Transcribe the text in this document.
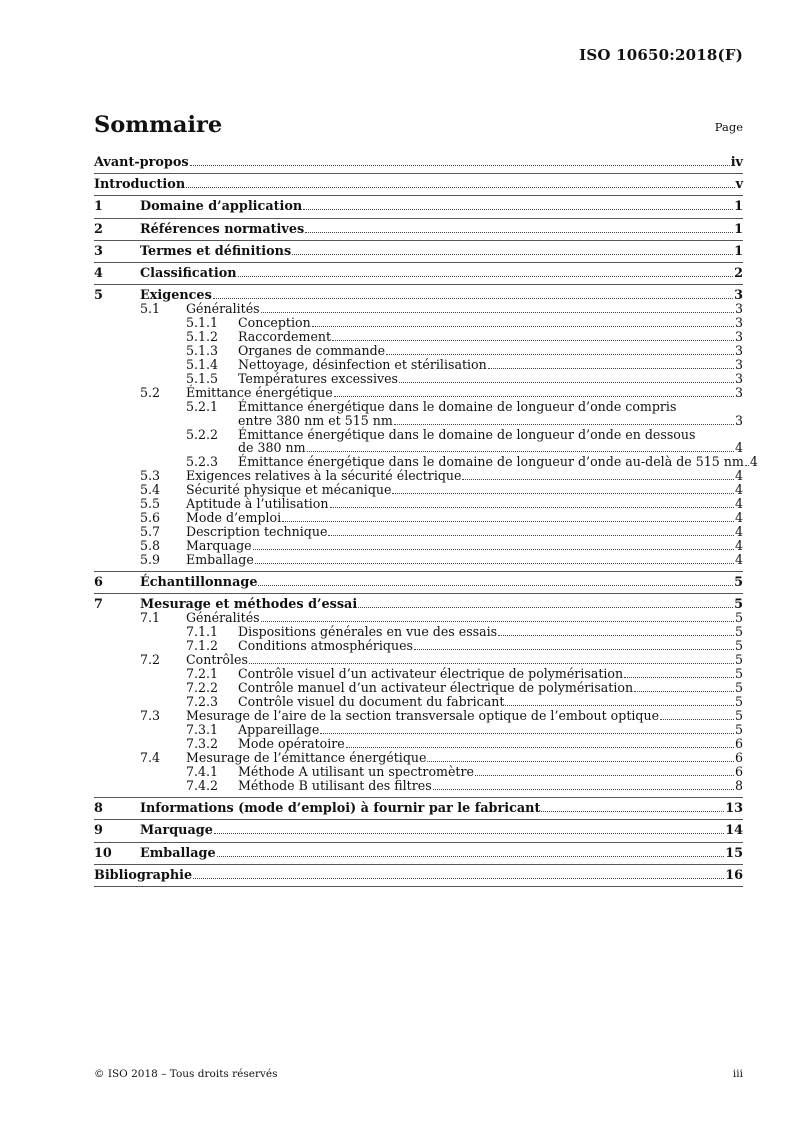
ISO 10650:2018(F)
Sommaire	Page
Avant-propos	iv
Introduction	v
1	Domaine d’application	1
2	Références normatives	1
3	Termes et définitions	1
4	Classification	2
5	Exigences	3
5.1	Généralités	3
5.1.1	Conception	3
5.1.2	Raccordement	3
5.1.3	Organes de commande	3
5.1.4	Nettoyage, désinfection et stérilisation	3
5.1.5	Températures excessives	3
5.2	Émittance énergétique	3
5.2.1	Émittance énergétique dans le domaine de longueur d’onde compris
entre 380 nm et 515 nm	3
5.2.2	Émittance énergétique dans le domaine de longueur d’onde en dessous
de 380 nm	4
5.2.3	Émittance énergétique dans le domaine de longueur d’onde au-delà de 515 nm 4
5.3	Exigences relatives à la sécurité électrique	4
5.4	Sécurité physique et mécanique	4
5.5	Aptitude à l’utilisation	4
5.6	Mode d’emploi	4
5.7	Description technique	4
5.8	Marquage	4
5.9	Emballage	4
6	Échantillonnage	5
7	Mesurage et méthodes d’essai	5
7.1	Généralités	5
7.1.1	Dispositions générales en vue des essais	5
7.1.2	Conditions atmosphériques	5
7.2	Contrôles	5
7.2.1	Contrôle visuel d’un activateur électrique de polymérisation	5
7.2.2	Contrôle manuel d’un activateur électrique de polymérisation	5
7.2.3	Contrôle visuel du document du fabricant	5
7.3	Mesurage de l’aire de la section transversale optique de l’embout optique	5
7.3.1	Appareillage	5
7.3.2	Mode opératoire	6
7.4	Mesurage de l’émittance énergétique	6
7.4.1	Méthode A utilisant un spectromètre	6
7.4.2	Méthode B utilisant des filtres	8
8	Informations (mode d’emploi) à fournir par le fabricant	13
9	Marquage	14
10	Emballage	15
Bibliographie	16
© ISO 2018 – Tous droits réservés	iii
